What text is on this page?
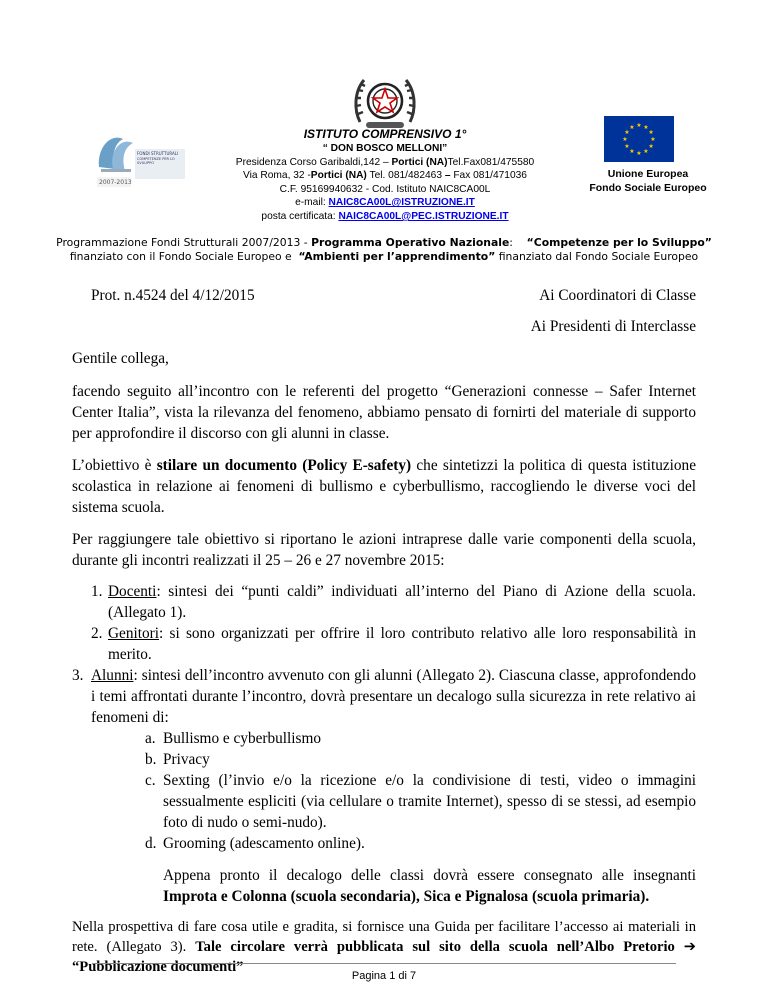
FONDI STRUTTURALI
COMPETENZE PER LO SVILUPPO
2007-2013
ISTITUTO COMPRENSIVO 1°
“ DON BOSCO MELLONI”
Presidenza Corso Garibaldi,142 – Portici (NA)Tel.Fax081/475580
Via Roma, 32 -Portici (NA) Tel. 081/482463 – Fax 081/471036
C.F. 95169940632 - Cod. Istituto NAIC8CA00L
e-mail: NAIC8CA00L@ISTRUZIONE.IT
posta certificata: NAIC8CA00L@PEC.ISTRUZIONE.IT
★ ★
★
★
★
★
★
★
★
★
★
★
Unione Europea
Fondo Sociale Europeo
Programmazione Fondi Strutturali 2007/2013 - Programma Operativo Nazionale:    “Competenze per lo Sviluppo”
finanziato con il Fondo Sociale Europeo e  “Ambienti per l’apprendimento” finanziato dal Fondo Sociale Europeo
Prot. n.4524 del 4/12/2015	Ai Coordinatori di Classe
Ai Presidenti di Interclasse
Gentile collega,
facendo seguito all’incontro con le referenti del progetto “Generazioni connesse – Safer Internet Center Italia”, vista la rilevanza del fenomeno, abbiamo pensato di fornirti del materiale di supporto per approfondire il discorso con gli alunni in classe.
L’obiettivo è stilare un documento (Policy E-safety) che sintetizzi la politica di questa istituzione scolastica in relazione ai fenomeni di bullismo e cyberbullismo, raccogliendo le diverse voci del sistema scuola.
Per raggiungere tale obiettivo si riportano le azioni intraprese dalle varie componenti della scuola, durante gli incontri realizzati il 25 – 26 e 27 novembre 2015:
1. Docenti: sintesi dei “punti caldi” individuati all’interno del Piano di Azione della scuola. (Allegato 1).
2. Genitori: si sono organizzati per offrire il loro contributo relativo alle loro responsabilità in merito.
3. Alunni: sintesi dell’incontro avvenuto con gli alunni (Allegato 2). Ciascuna classe, approfondendo i temi affrontati durante l’incontro, dovrà presentare un decalogo sulla sicurezza in rete relativo ai fenomeni di:
a. Bullismo e cyberbullismo
b. Privacy
c. Sexting (l’invio e/o la ricezione e/o la condivisione di testi, video o immagini sessualmente espliciti (via cellulare o tramite Internet), spesso di se stessi, ad esempio foto di nudo o semi-nudo).
d. Grooming (adescamento online).
Appena pronto il decalogo delle classi dovrà essere consegnato alle insegnanti Improta e Colonna (scuola secondaria), Sica e Pignalosa (scuola primaria).
Nella prospettiva di fare cosa utile e gradita, si fornisce una Guida per facilitare l’accesso ai materiali in rete. (Allegato 3). Tale circolare verrà pubblicata sul sito della scuola nell’Albo Pretorio ➔ “Pubblicazione documenti”
Pagina 1 di 7
